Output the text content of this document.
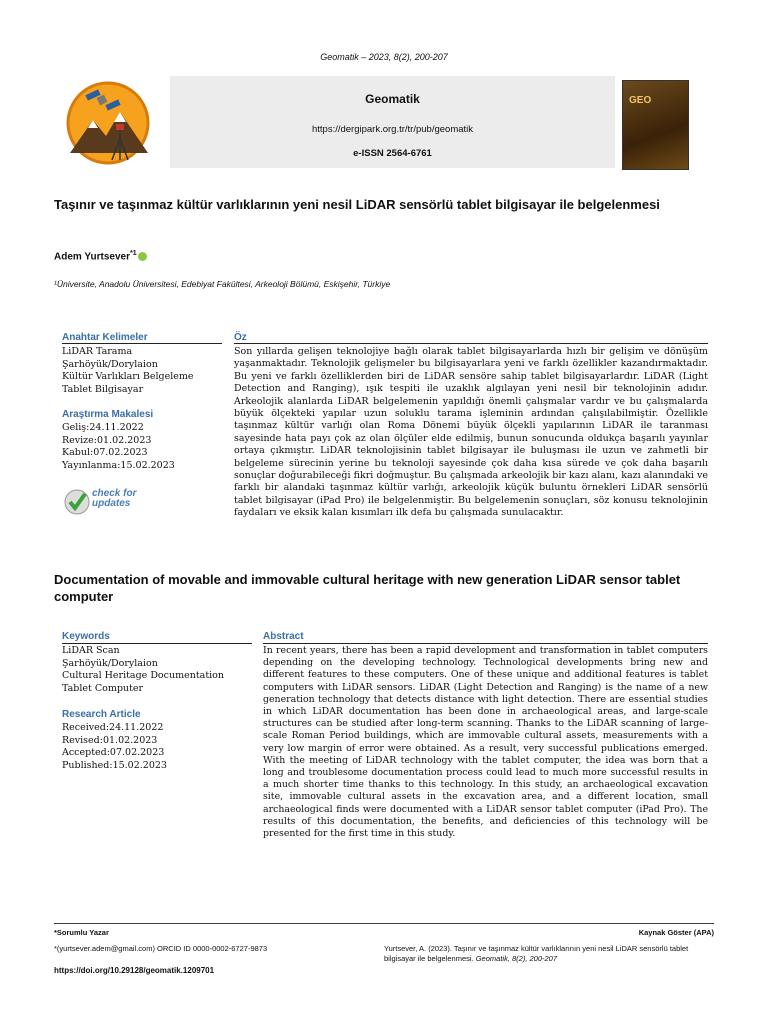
Geomatik – 2023, 8(2), 200-207
Geomatik
https://dergipark.org.tr/tr/pub/geomatik
e-ISSN 2564-6761
GEO
Taşınır ve taşınmaz kültür varlıklarının yeni nesil LiDAR sensörlü tablet bilgisayar ile belgelenmesi
Adem Yurtsever$^{*1}$
¹Üniversite, Anadolu Üniversitesi, Edebiyat Fakültesi, Arkeoloji Bölümü, Eskişehir, Türkiye
Anahtar Kelimeler
LiDAR Tarama
Şarhöyük/Dorylaion
Kültür Varlıkları Belgeleme
Tablet Bilgisayar
Araştırma Makalesi
Geliş:24.11.2022
Revize:01.02.2023
Kabul:07.02.2023
Yayınlanma:15.02.2023
check for
updates
Öz
Son yıllarda gelişen teknolojiye bağlı olarak tablet bilgisayarlarda hızlı bir gelişim ve dönüşüm yaşanmaktadır. Teknolojik gelişmeler bu bilgisayarlara yeni ve farklı özellikler kazandırmaktadır. Bu yeni ve farklı özelliklerden biri de LiDAR sensöre sahip tablet bilgisayarlardır. LiDAR (Light Detection and Ranging), ışık tespiti ile uzaklık algılayan yeni nesil bir teknolojinin adıdır. Arkeolojik alanlarda LiDAR belgelemenin yapıldığı önemli çalışmalar vardır ve bu çalışmalarda büyük ölçekteki yapılar uzun soluklu tarama işleminin ardından çalışılabilmiştir. Özellikle taşınmaz kültür varlığı olan Roma Dönemi büyük ölçekli yapılarının LiDAR ile taranması sayesinde hata payı çok az olan ölçüler elde edilmiş, bunun sonucunda oldukça başarılı yayınlar ortaya çıkmıştır. LiDAR teknolojisinin tablet bilgisayar ile buluşması ile uzun ve zahmetli bir belgeleme sürecinin yerine bu teknoloji sayesinde çok daha kısa sürede ve çok daha başarılı sonuçlar doğurabileceği fikri doğmuştur. Bu çalışmada arkeolojik bir kazı alanı, kazı alanındaki ve farklı bir alandaki taşınmaz kültür varlığı, arkeolojik küçük buluntu örnekleri LiDAR sensörlü tablet bilgisayar (iPad Pro) ile belgelenmiştir. Bu belgelemenin sonuçları, söz konusu teknolojinin faydaları ve eksik kalan kısımları ilk defa bu çalışmada sunulacaktır.
Documentation of movable and immovable cultural heritage with new generation LiDAR sensor tablet computer
Keywords
LiDAR Scan
Şarhöyük/Dorylaion
Cultural Heritage Documentation
Tablet Computer
Research Article
Received:24.11.2022
Revised:01.02.2023
Accepted:07.02.2023
Published:15.02.2023
Abstract
In recent years, there has been a rapid development and transformation in tablet computers depending on the developing technology. Technological developments bring new and different features to these computers. One of these unique and additional features is tablet computers with LiDAR sensors. LiDAR (Light Detection and Ranging) is the name of a new generation technology that detects distance with light detection. There are essential studies in which LiDAR documentation has been done in archaeological areas, and large-scale structures can be studied after long-term scanning. Thanks to the LiDAR scanning of large-scale Roman Period buildings, which are immovable cultural assets, measurements with a very low margin of error were obtained. As a result, very successful publications emerged. With the meeting of LiDAR technology with the tablet computer, the idea was born that a long and troublesome documentation process could lead to much more successful results in a much shorter time thanks to this technology. In this study, an archaeological excavation site, immovable cultural assets in the excavation area, and a different location, small archaeological finds were documented with a LiDAR sensor tablet computer (iPad Pro). The results of this documentation, the benefits, and deficiencies of this technology will be presented for the first time in this study.
*Sorumlu Yazar
*(yurtsever.adem@gmail.com) ORCID ID 0000-0002-6727-9873
https://doi.org/10.29128/geomatik.1209701
Kaynak Göster (APA)
Yurtsever, A. (2023). Taşınır ve taşınmaz kültür varlıklarının yeni nesil LiDAR sensörlü tablet bilgisayar ile belgelenmesi. Geomatik, 8(2), 200-207
